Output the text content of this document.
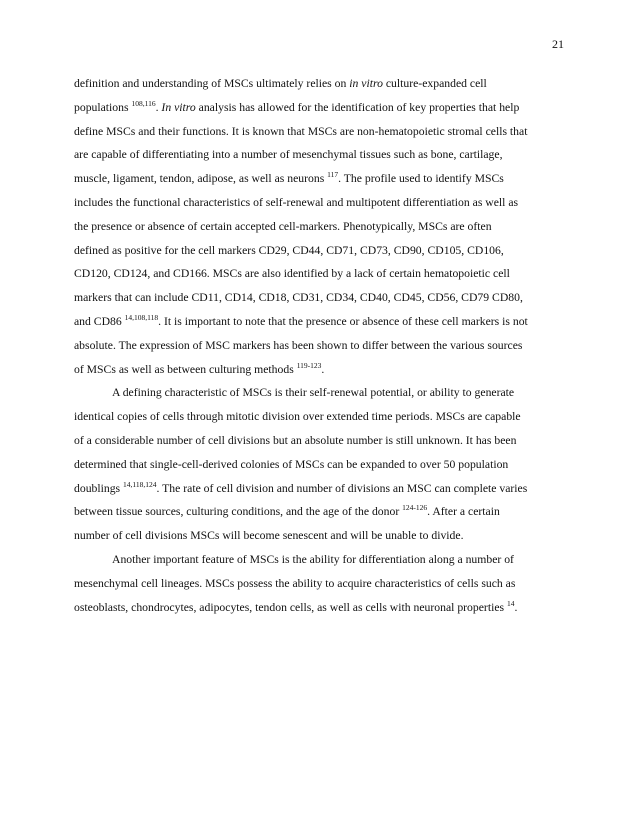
21
definition and understanding of MSCs ultimately relies on in vitro culture-expanded cell
populations $^{108,116}$. In vitro analysis has allowed for the identification of key properties that help
define MSCs and their functions. It is known that MSCs are non-hematopoietic stromal cells that
are capable of differentiating into a number of mesenchymal tissues such as bone, cartilage,
muscle, ligament, tendon, adipose, as well as neurons $^{117}$. The profile used to identify MSCs
includes the functional characteristics of self-renewal and multipotent differentiation as well as
the presence or absence of certain accepted cell-markers. Phenotypically, MSCs are often
defined as positive for the cell markers CD29, CD44, CD71, CD73, CD90, CD105, CD106,
CD120, CD124, and CD166. MSCs are also identified by a lack of certain hematopoietic cell
markers that can include CD11, CD14, CD18, CD31, CD34, CD40, CD45, CD56, CD79 CD80,
and CD86 $^{14,108,118}$. It is important to note that the presence or absence of these cell markers is not
absolute. The expression of MSC markers has been shown to differ between the various sources
of MSCs as well as between culturing methods $^{119-123}$.
A defining characteristic of MSCs is their self-renewal potential, or ability to generate
identical copies of cells through mitotic division over extended time periods. MSCs are capable
of a considerable number of cell divisions but an absolute number is still unknown. It has been
determined that single-cell-derived colonies of MSCs can be expanded to over 50 population
doublings $^{14,118,124}$. The rate of cell division and number of divisions an MSC can complete varies
between tissue sources, culturing conditions, and the age of the donor $^{124-126}$. After a certain
number of cell divisions MSCs will become senescent and will be unable to divide.
Another important feature of MSCs is the ability for differentiation along a number of
mesenchymal cell lineages. MSCs possess the ability to acquire characteristics of cells such as
osteoblasts, chondrocytes, adipocytes, tendon cells, as well as cells with neuronal properties $^{14}$.
